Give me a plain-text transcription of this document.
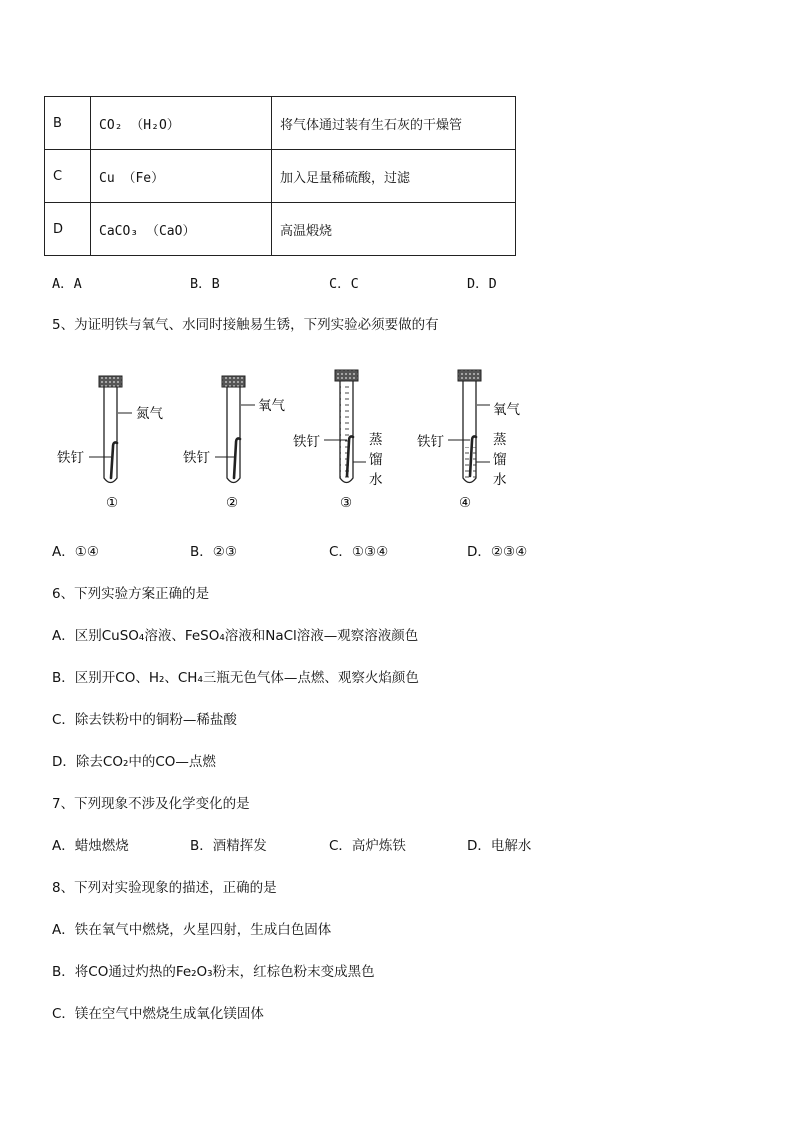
B	CO₂ （H₂O）	将气体通过装有生石灰的干燥管
C	Cu （Fe）	加入足量稀硫酸，过滤
D	CaCO₃ （CaO）	高温煅烧
A．A	B．B	C．C	D．D
5、为证明铁与氧气、水同时接触易生锈，下列实验必须要做的有
氮气
铁钉
①
氧气
铁钉
②
铁钉	蒸
馏
水
③
氧气
铁钉	蒸
馏
水
④
A．①④	B．②③	C．①③④	D．②③④
6、下列实验方案正确的是
A．区别CuSO₄溶液、FeSO₄溶液和NaCl溶液—观察溶液颜色
B．区别开CO、H₂、CH₄三瓶无色气体—点燃、观察火焰颜色
C．除去铁粉中的铜粉—稀盐酸
D．除去CO₂中的CO—点燃
7、下列现象不涉及化学变化的是
A．蜡烛燃烧	B．酒精挥发	C．高炉炼铁	D．电解水
8、下列对实验现象的描述，正确的是
A．铁在氧气中燃烧，火星四射，生成白色固体
B．将CO通过灼热的Fe₂O₃粉末，红棕色粉末变成黑色
C．镁在空气中燃烧生成氧化镁固体
